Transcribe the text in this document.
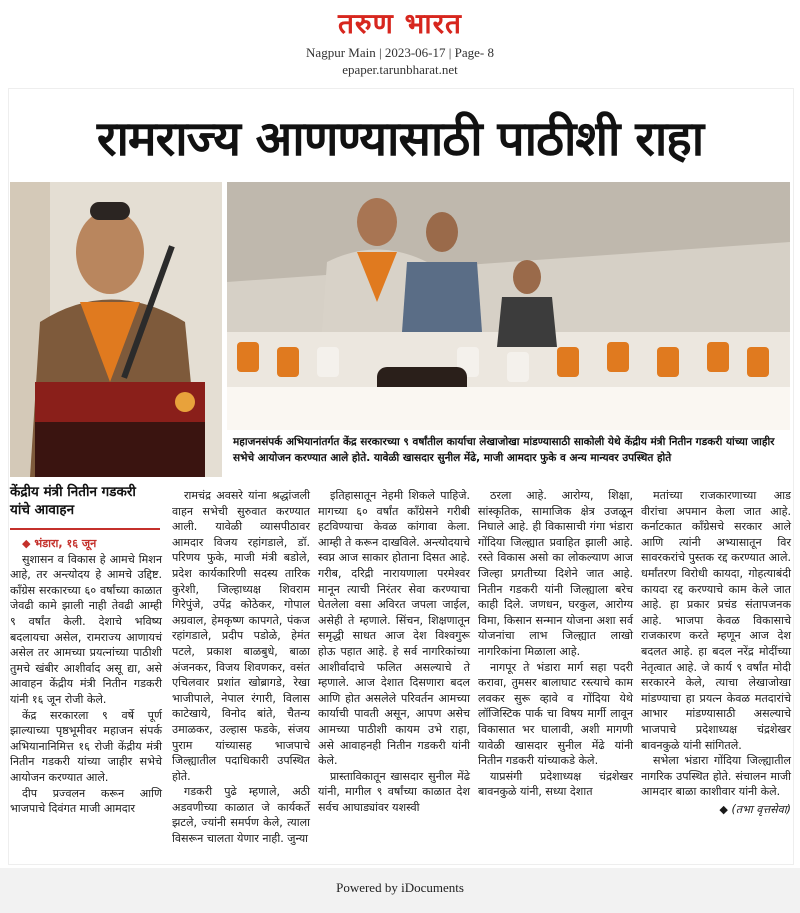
तरुण भारत
Nagpur Main | 2023-06-17 | Page- 8
epaper.tarunbharat.net
रामराज्य आणण्यासाठी पाठीशी राहा
महाजनसंपर्क अभियानांतर्गत केंद्र सरकारच्या ९ वर्षांतील कार्याचा लेखाजोखा मांडण्यासाठी साकोली येथे केंद्रीय मंत्री नितीन गडकरी यांच्या जाहीर सभेचे आयोजन करण्यात आले होते. यावेळी खासदार सुनील मेंढे, माजी आमदार फुके व अन्य मान्यवर उपस्थित होते
केंद्रीय मंत्री नितीन गडकरी यांचे आवाहन

◆ भंडारा, १६ जून

सुशासन व विकास हे आमचे मिशन आहे, तर अन्त्योदय हे आमचे उद्दिष्ट. काँग्रेस सरकारच्या ६० वर्षांच्या काळात जेवढी कामे झाली नाही तेवढी आम्ही ९ वर्षांत केली. देशाचे भविष्य बदलायचा असेल, रामराज्य आणायचं असेल तर आमच्या प्रयत्नांच्या पाठीशी तुमचे खंबीर आशीर्वाद असू द्या, असे आवाहन केंद्रीय मंत्री नितीन गडकरी यांनी १६ जून रोजी केले.

केंद्र सरकारला ९ वर्षे पूर्ण झाल्याच्या पृष्ठभूमीवर महाजन संपर्क अभियानानिमित्त १६ रोजी केंद्रीय मंत्री नितीन गडकरी यांच्या जाहीर सभेचे आयोजन करण्यात आले.

दीप प्रज्वलन करून आणि भाजपाचे दिवंगत माजी आमदार

रामचंद्र अवसरे यांना श्रद्धांजली वाहन सभेची सुरुवात करण्यात आली. यावेळी व्यासपीठावर आमदार विजय रहांगडाले, डॉ. परिणय फुके, माजी मंत्री बडोले, प्रदेश कार्यकारिणी सदस्य तारिक कुरेशी, जिल्हाध्यक्ष शिवराम गिरेपुंजे, उपेंद्र कोठेकर, गोपाल अग्रवाल, हेमकृष्ण कापगते, पंकज रहांगडाले, प्रदीप पडोळे, हेमंत पटले, प्रकाश बाळबुधे, बाळा अंजनकर, विजय शिवणकर, वसंत एचिलवार प्रशांत खोब्रागडे, रेखा भाजीपाले, नेपाल रंगारी, विलास काटेखाये, विनोद बांते, चैतन्य उमाळकर, उल्हास फडके, संजय पुराम यांच्यासह भाजपाचे जिल्ह्यातील पदाधिकारी उपस्थित होते.

गडकरी पुढे म्हणाले, अठी अडवणीच्या काळात जे कार्यकर्ते झटले, ज्यांनी समर्पण केले, त्याला विसरून चालता येणार नाही. जुन्या

इतिहासातून नेहमी शिकले पाहिजे. मागच्या ६० वर्षांत काँग्रेसने गरीबी हटविण्याचा केवळ कांगावा केला. आम्ही ते करून दाखविले. अन्त्योदयाचे स्वप्न आज साकार होताना दिसत आहे. गरीब, दरिद्री नारायणाला परमेश्वर मानून त्याची निरंतर सेवा करण्याचा घेतलेला वसा अविरत जपला जाईल, असेही ते म्हणाले. सिंचन, शिक्षणातून समृद्धी साधत आज देश विश्वगुरू होऊ पहात आहे. हे सर्व नागरिकांच्या आशीर्वादाचे फलित असल्याचे ते म्हणाले. आज देशात दिसणारा बदल आणि होत असलेले परिवर्तन आमच्या कार्याची पावती असून, आपण असेच आमच्या पाठीशी कायम उभे राहा, असे आवाहनही नितीन गडकरी यांनी केले.

प्रास्ताविकातून खासदार सुनील मेंढे यांनी, मागील ९ वर्षांच्या काळात देश सर्वच आघाड्यांवर यशस्वी

ठरला आहे. आरोग्य, शिक्षा, सांस्कृतिक, सामाजिक क्षेत्र उजळून निघाले आहे. ही विकासाची गंगा भंडारा गोंदिया जिल्ह्यात प्रवाहित झाली आहे. रस्ते विकास असो का लोकल्याण आज जिल्हा प्रगतीच्या दिशेने जात आहे. नितीन गडकरी यांनी जिल्ह्याला बरेच काही दिले. जणधन, घरकुल, आरोग्य विमा, किसान सन्मान योजना अशा सर्व योजनांचा लाभ जिल्ह्यात लाखो नागरिकांना मिळाला आहे.

नागपूर ते भंडारा मार्ग सहा पदरी करावा, तुमसर बालाघाट रस्त्याचे काम लवकर सुरू व्हावे व गोंदिया येथे लॉजिस्टिक पार्क चा विषय मार्गी लावून विकासात भर घालावी, अशी मागणी यावेळी खासदार सुनील मेंढे यांनी नितीन गडकरी यांच्याकडे केले.

याप्रसंगी प्रदेशाध्यक्ष चंद्रशेखर बावनकुळे यांनी, सध्या देशात

मतांच्या राजकारणाच्या आड वीरांचा अपमान केला जात आहे. कर्नाटकात काँग्रेसचे सरकार आले आणि त्यांनी अभ्यासातून विर सावरकरांचे पुस्तक रद्द करण्यात आले. धर्मांतरण विरोधी कायदा, गोहत्याबंदी कायदा रद्द करण्याचे काम केले जात आहे. हा प्रकार प्रचंड संतापजनक आहे. भाजपा केवळ विकासाचे राजकारण करते म्हणून आज देश बदलत आहे. हा बदल नरेंद्र मोदींच्या नेतृत्वात आहे. जे कार्य ९ वर्षांत मोदी सरकारने केले, त्याचा लेखाजोखा मांडण्याचा हा प्रयत्न केवळ मतदारांचे आभार मांडण्यासाठी असल्याचे भाजपाचे प्रदेशाध्यक्ष चंद्रशेखर बावनकुळे यांनी सांगितले.

सभेला भंडारा गोंदिया जिल्ह्यातील नागरिक उपस्थित होते. संचालन माजी आमदार बाळा काशीवार यांनी केले.

◆ (तभा वृत्तसेवा)
Powered by iDocuments
